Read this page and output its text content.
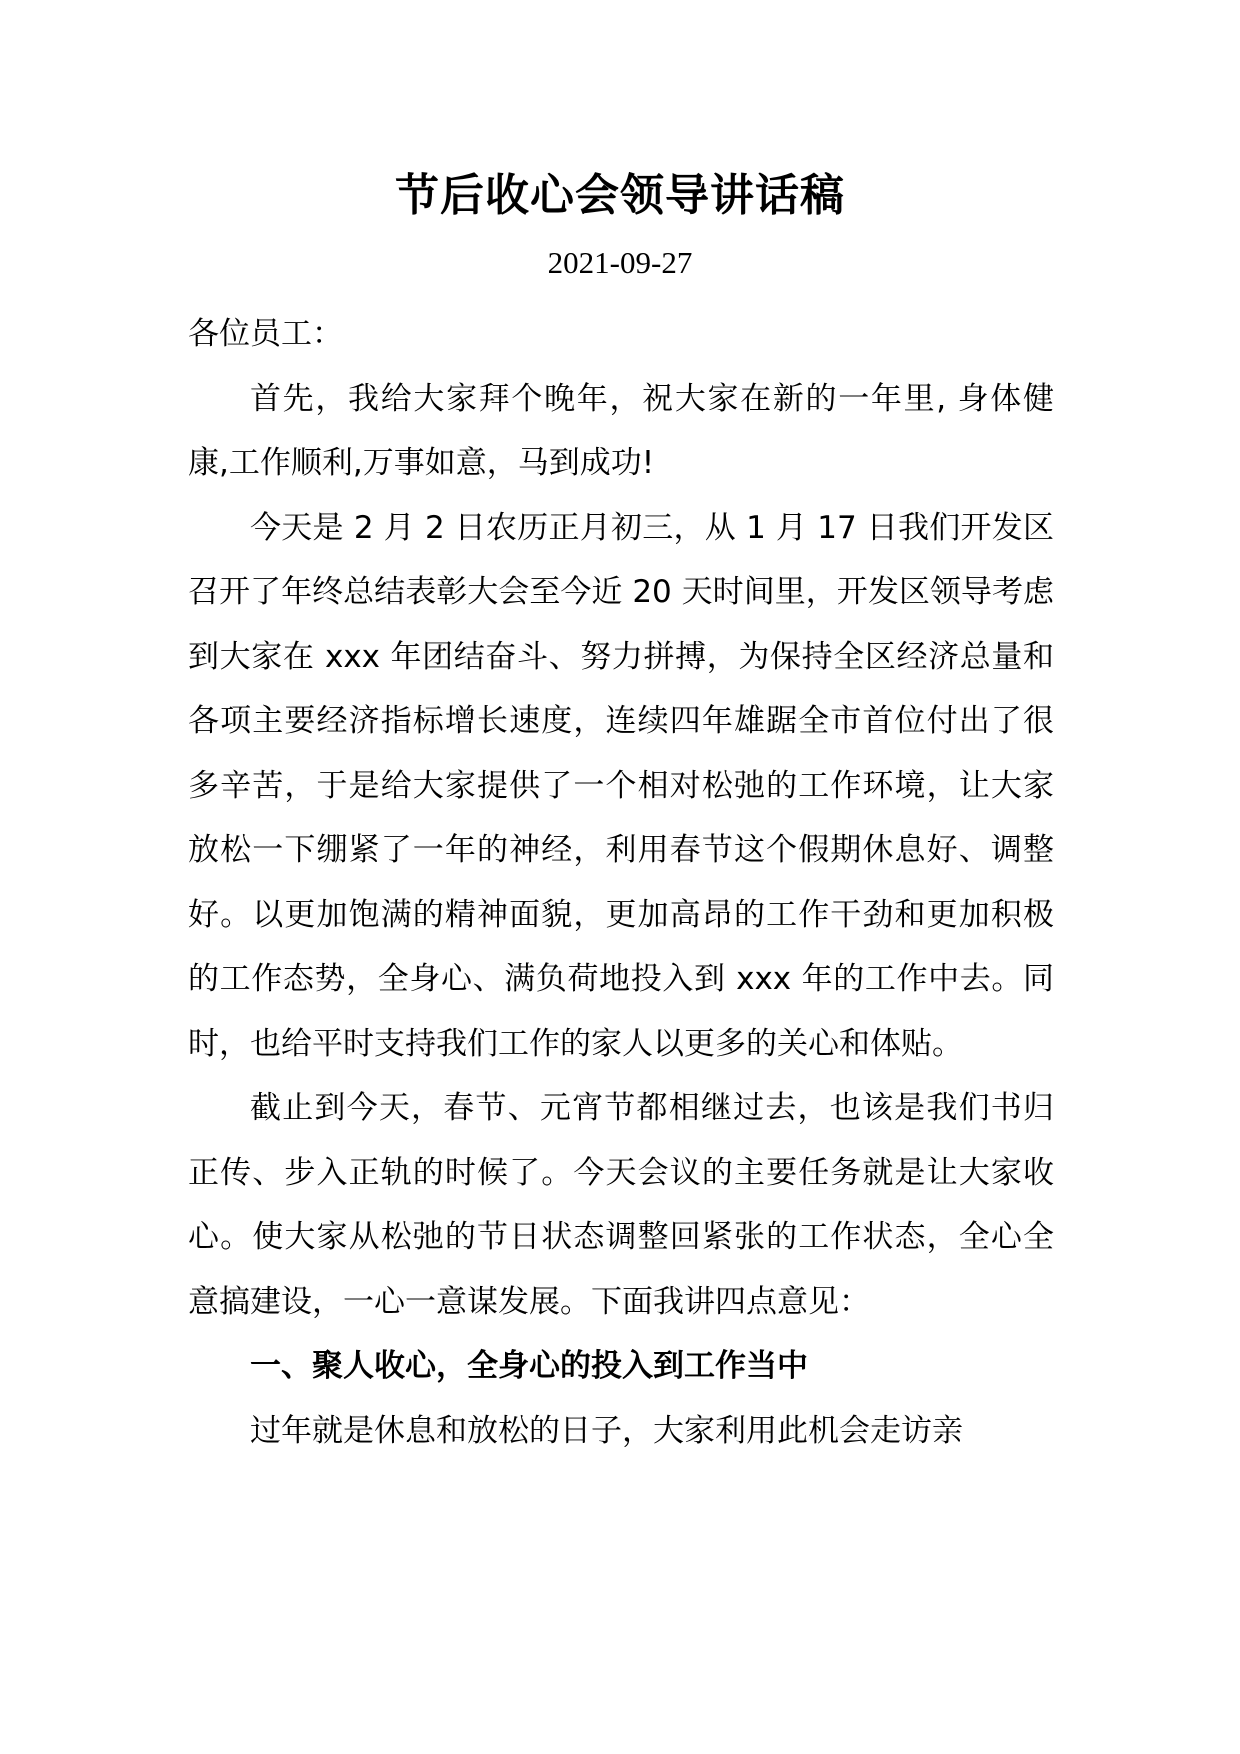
节后收心会领导讲话稿
2021-09-27

各位员工：

首先，我给大家拜个晚年，祝大家在新的一年里, 身体健康,工作顺利,万事如意，马到成功!

今天是 2 月 2 日农历正月初三，从 1 月 17 日我们开发区召开了年终总结表彰大会至今近 20 天时间里，开发区领导考虑到大家在 xxx 年团结奋斗、努力拼搏，为保持全区经济总量和各项主要经济指标增长速度，连续四年雄踞全市首位付出了很多辛苦，于是给大家提供了一个相对松弛的工作环境，让大家放松一下绷紧了一年的神经，利用春节这个假期休息好、调整好。以更加饱满的精神面貌，更加高昂的工作干劲和更加积极的工作态势，全身心、满负荷地投入到 xxx 年的工作中去。同时，也给平时支持我们工作的家人以更多的关心和体贴。

截止到今天，春节、元宵节都相继过去，也该是我们书归正传、步入正轨的时候了。今天会议的主要任务就是让大家收心。使大家从松弛的节日状态调整回紧张的工作状态，全心全意搞建设，一心一意谋发展。下面我讲四点意见：

一、聚人收心，全身心的投入到工作当中

过年就是休息和放松的日子，大家利用此机会走访亲
